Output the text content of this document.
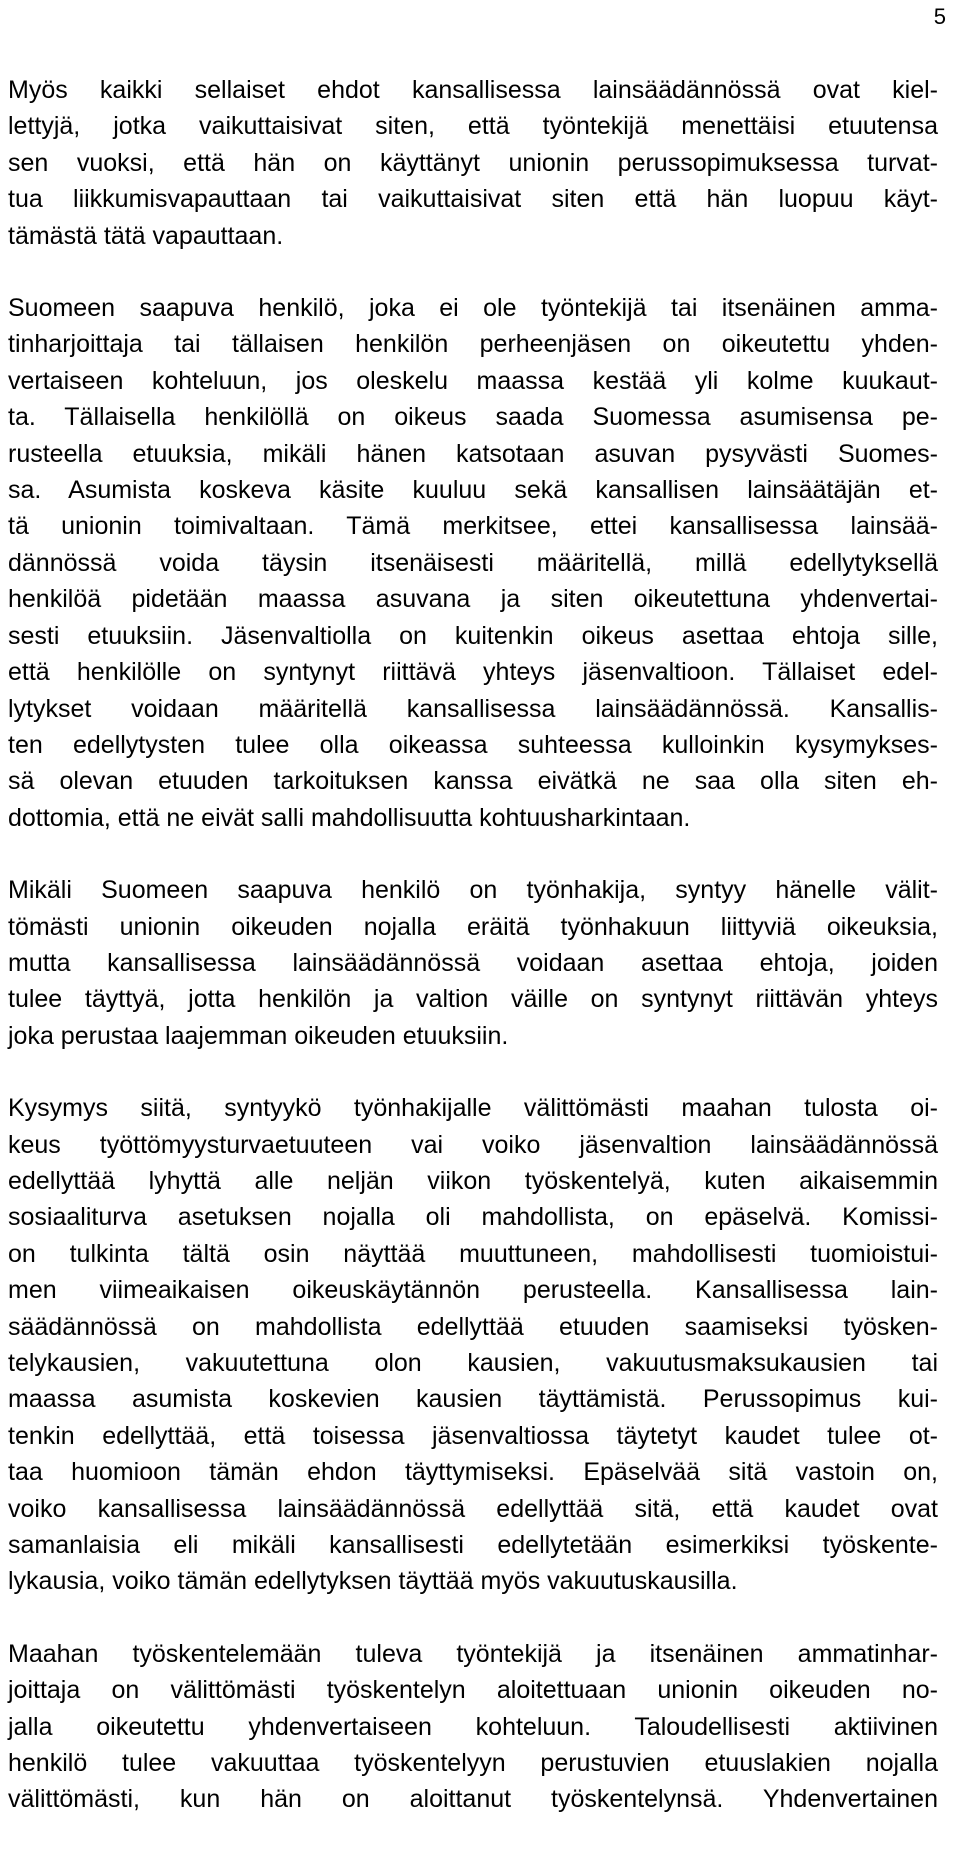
5

Myös kaikki sellaiset ehdot kansallisessa lainsäädännössä ovat kiel-
lettyjä, jotka vaikuttaisivat siten, että työntekijä menettäisi etuutensa
sen vuoksi, että hän on käyttänyt unionin perussopimuksessa turvat-
tua liikkumisvapauttaan tai vaikuttaisivat siten että hän luopuu käyt-
tämästä tätä vapauttaan.

Suomeen saapuva henkilö, joka ei ole työntekijä tai itsenäinen amma-
tinharjoittaja tai tällaisen henkilön perheenjäsen on oikeutettu yhden-
vertaiseen kohteluun, jos oleskelu maassa kestää yli kolme kuukaut-
ta. Tällaisella henkilöllä on oikeus saada Suomessa asumisensa pe-
rusteella etuuksia, mikäli hänen katsotaan asuvan pysyvästi Suomes-
sa. Asumista koskeva käsite kuuluu sekä kansallisen lainsäätäjän et-
tä unionin toimivaltaan. Tämä merkitsee, ettei kansallisessa lainsää-
dännössä voida täysin itsenäisesti määritellä, millä edellytyksellä
henkilöä pidetään maassa asuvana ja siten oikeutettuna yhdenvertai-
sesti etuuksiin. Jäsenvaltiolla on kuitenkin oikeus asettaa ehtoja sille,
että henkilölle on syntynyt riittävä yhteys jäsenvaltioon. Tällaiset edel-
lytykset voidaan määritellä kansallisessa lainsäädännössä. Kansallis-
ten edellytysten tulee olla oikeassa suhteessa kulloinkin kysymykses-
sä olevan etuuden tarkoituksen kanssa eivätkä ne saa olla siten eh-
dottomia, että ne eivät salli mahdollisuutta kohtuusharkintaan.

Mikäli Suomeen saapuva henkilö on työnhakija, syntyy hänelle välit-
tömästi unionin oikeuden nojalla eräitä työnhakuun liittyviä oikeuksia,
mutta kansallisessa lainsäädännössä voidaan asettaa ehtoja, joiden
tulee täyttyä, jotta henkilön ja valtion väille on syntynyt riittävän yhteys
joka perustaa laajemman oikeuden etuuksiin.

Kysymys siitä, syntyykö työnhakijalle välittömästi maahan tulosta oi-
keus työttömyysturvaetuuteen vai voiko jäsenvaltion lainsäädännössä
edellyttää lyhyttä alle neljän viikon työskentelyä, kuten aikaisemmin
sosiaaliturva asetuksen nojalla oli mahdollista, on epäselvä. Komissi-
on tulkinta tältä osin näyttää muuttuneen, mahdollisesti tuomioistui-
men viimeaikaisen oikeuskäytännön perusteella. Kansallisessa lain-
säädännössä on mahdollista edellyttää etuuden saamiseksi työsken-
telykausien, vakuutettuna olon kausien, vakuutusmaksukausien tai
maassa asumista koskevien kausien täyttämistä. Perussopimus kui-
tenkin edellyttää, että toisessa jäsenvaltiossa täytetyt kaudet tulee ot-
taa huomioon tämän ehdon täyttymiseksi. Epäselvää sitä vastoin on,
voiko kansallisessa lainsäädännössä edellyttää sitä, että kaudet ovat
samanlaisia eli mikäli kansallisesti edellytetään esimerkiksi työskente-
lykausia, voiko tämän edellytyksen täyttää myös vakuutuskausilla.

Maahan työskentelemään tuleva työntekijä ja itsenäinen ammatinhar-
joittaja on välittömästi työskentelyn aloitettuaan unionin oikeuden no-
jalla oikeutettu yhdenvertaiseen kohteluun. Taloudellisesti aktiivinen
henkilö tulee vakuuttaa työskentelyyn perustuvien etuuslakien nojalla
välittömästi, kun hän on aloittanut työskentelynsä. Yhdenvertainen
